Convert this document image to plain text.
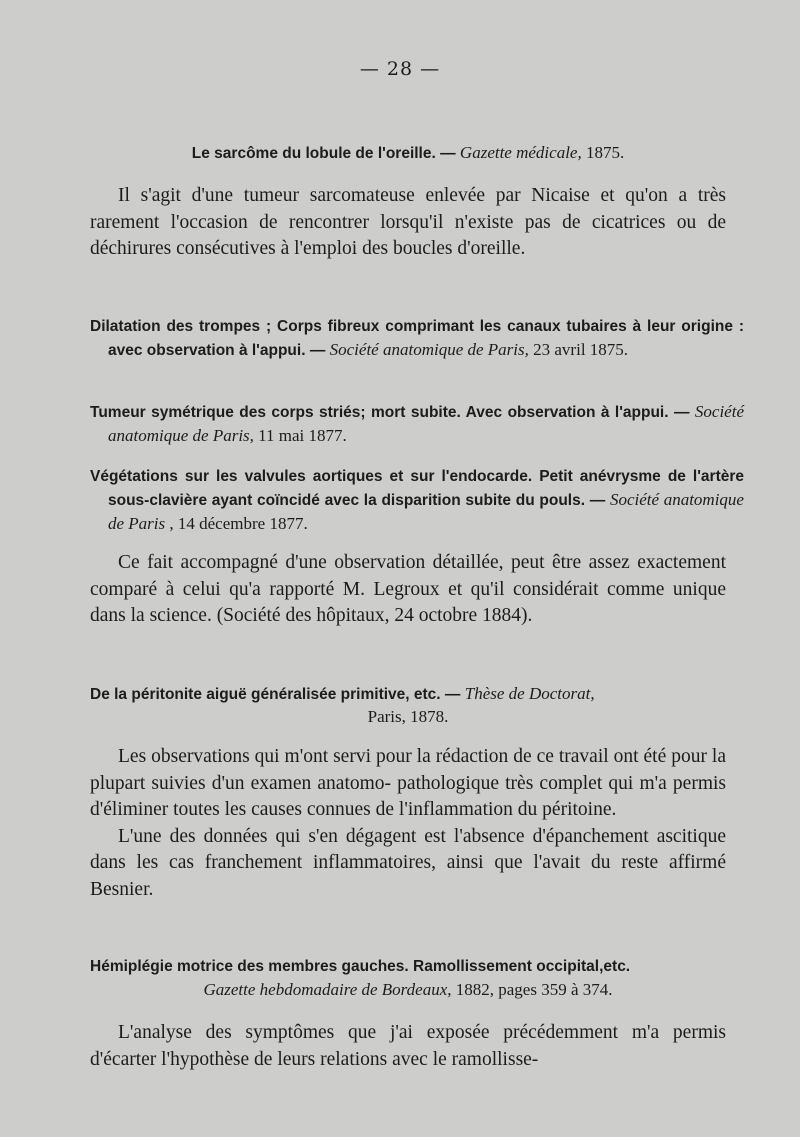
— 28 —
Le sarcôme du lobule de l'oreille. — Gazette médicale, 1875.

Il s'agit d'une tumeur sarcomateuse enlevée par Nicaise et qu'on a très rarement l'occasion de rencontrer lorsqu'il n'existe pas de cicatrices ou de déchirures consécutives à l'emploi des boucles d'oreille.

Dilatation des trompes ; Corps fibreux comprimant les canaux tubaires à leur origine : avec observation à l'appui. — Société anatomique de Paris, 23 avril 1875.
Tumeur symétrique des corps striés; mort subite. Avec observation à l'appui. — Société anatomique de Paris, 11 mai 1877.
Végétations sur les valvules aortiques et sur l'endocarde. Petit anévrysme de l'artère sous-clavière ayant coïncidé avec la disparition subite du pouls. — Société anatomique de Paris , 14 décembre 1877.

Ce fait accompagné d'une observation détaillée, peut être assez exactement comparé à celui qu'a rapporté M. Legroux et qu'il considérait comme unique dans la science. (Société des hôpitaux, 24 octobre 1884).

De la péritonite aiguë généralisée primitive, etc. — Thèse de Doctorat,
Paris, 1878.

Les observations qui m'ont servi pour la rédaction de ce travail ont été pour la plupart suivies d'un examen anatomo- pathologique très complet qui m'a permis d'éliminer toutes les causes connues de l'inflammation du péritoine.

L'une des données qui s'en dégagent est l'absence d'épanchement ascitique dans les cas franchement inflammatoires, ainsi que l'avait du reste affirmé Besnier.

Hémiplégie motrice des membres gauches. Ramollissement occipital,etc.
Gazette hebdomadaire de Bordeaux, 1882, pages 359 à 374.

L'analyse des symptômes que j'ai exposée précédemment m'a permis d'écarter l'hypothèse de leurs relations avec le ramollisse-
